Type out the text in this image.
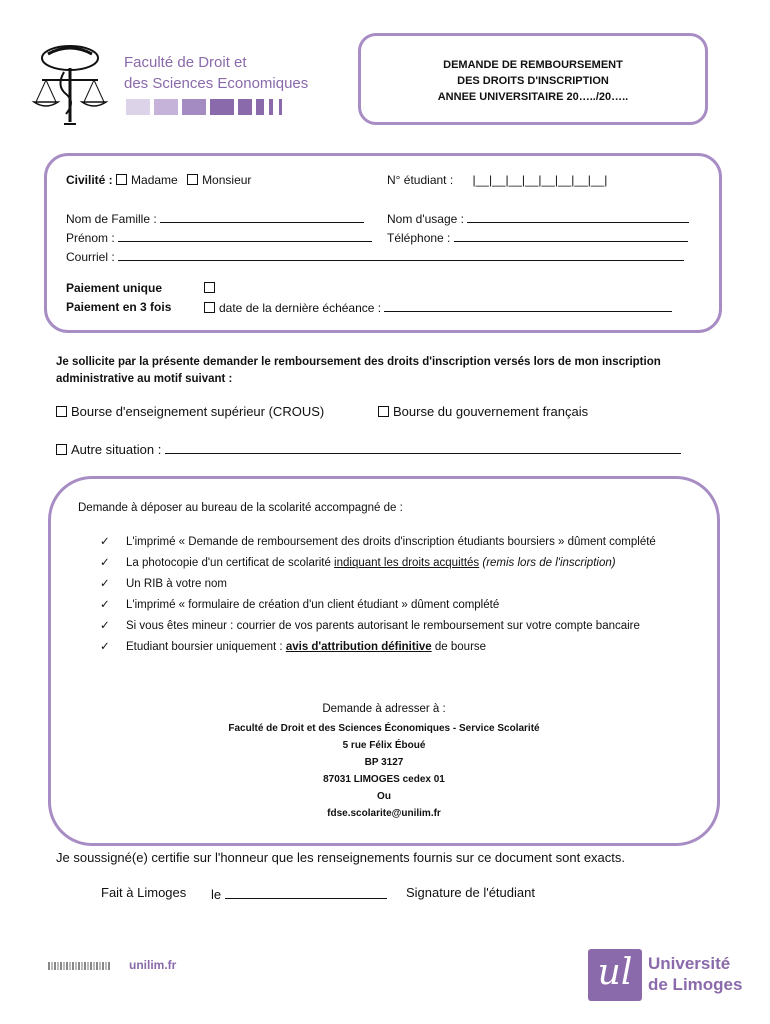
Faculté de Droit et
des Sciences Economiques
DEMANDE DE REMBOURSEMENT
DES DROITS D'INSCRIPTION
ANNEE UNIVERSITAIRE 20…../20…..
Civilité : Madame Monsieur	N° étudiant : |__|__|__|__|__|__|__|__|
Nom de Famille :	Nom d'usage :
Prénom :	Téléphone :
Courriel :
Paiement unique
Paiement en 3 fois	date de la dernière échéance :
Je sollicite par la présente demander le remboursement des droits d'inscription versés lors de mon inscription administrative au motif suivant :
Bourse d'enseignement supérieur (CROUS)	Bourse du gouvernement français
Autre situation :
Demande à déposer au bureau de la scolarité accompagné de :
✓ L'imprimé « Demande de remboursement des droits d'inscription étudiants boursiers » dûment complété
✓ La photocopie d'un certificat de scolarité indiquant les droits acquittés (remis lors de l'inscription)
✓ Un RIB à votre nom
✓ L'imprimé « formulaire de création d'un client étudiant » dûment complété
✓ Si vous êtes mineur : courrier de vos parents autorisant le remboursement sur votre compte bancaire
✓ Etudiant boursier uniquement : avis d'attribution définitive de bourse
Demande à adresser à :
Faculté de Droit et des Sciences Économiques - Service Scolarité
5 rue Félix Éboué
BP 3127
87031 LIMOGES cedex 01
Ou
fdse.scolarite@unilim.fr
Je soussigné(e) certifie sur l'honneur que les renseignements fournis sur ce document sont exacts.
Fait à Limoges le	Signature de l'étudiant
unilim.fr	ul Université
de Limoges
